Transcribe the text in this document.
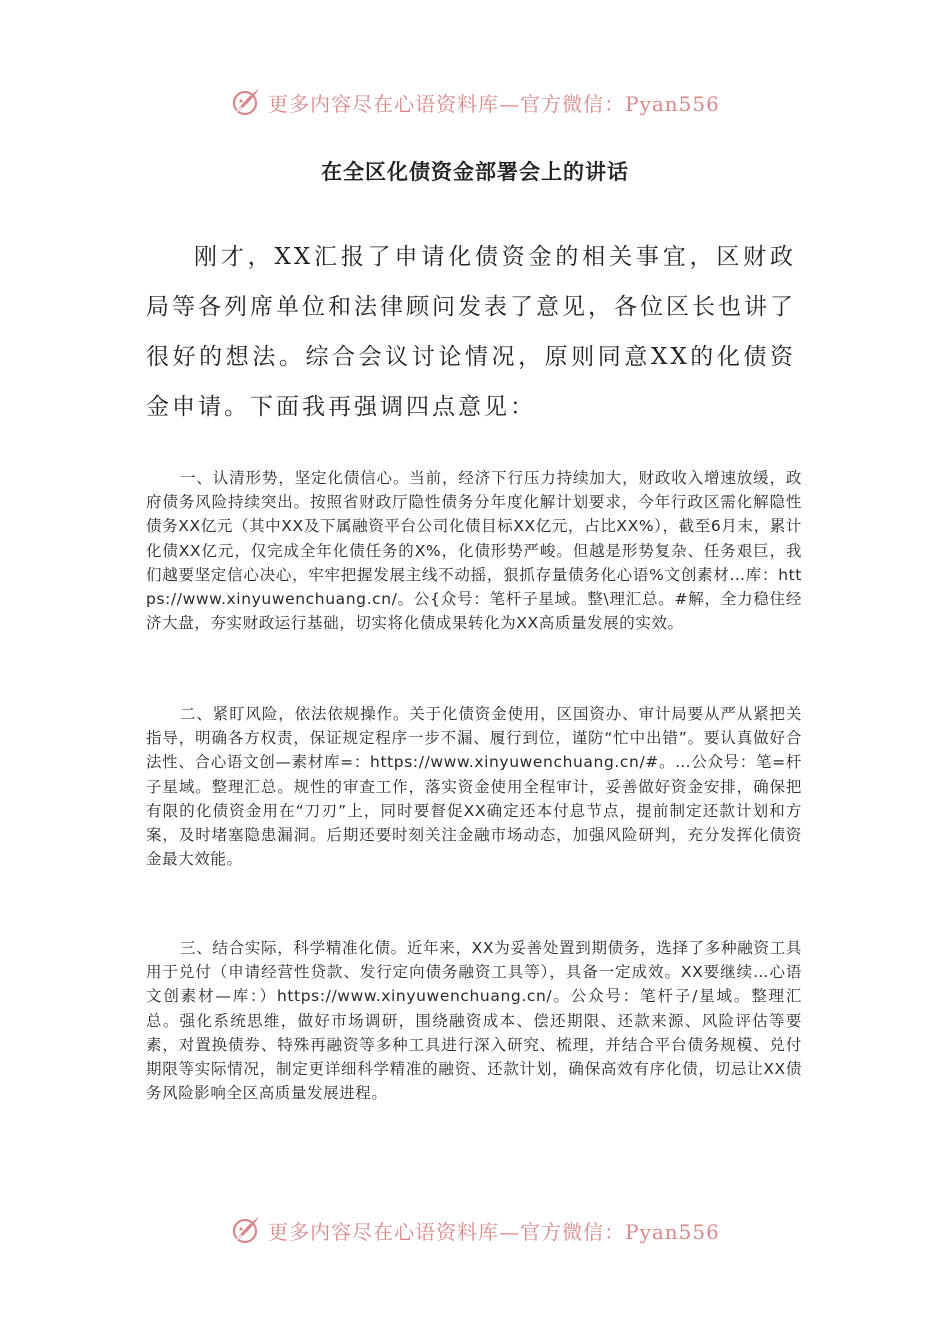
更多内容尽在心语资料库—官方微信：Pyan556
在全区化债资金部署会上的讲话

刚才，XX汇报了申请化债资金的相关事宜，区财政局等各列席单位和法律顾问发表了意见，各位区长也讲了很好的想法。综合会议讨论情况，原则同意XX的化债资金申请。下面我再强调四点意见：

一、认清形势，坚定化债信心。当前，经济下行压力持续加大，财政收入增速放缓，政府债务风险持续突出。按照省财政厅隐性债务分年度化解计划要求，今年行政区需化解隐性债务XX亿元（其中XX及下属融资平台公司化债目标XX亿元，占比XX%），截至6月末，累计化债XX亿元，仅完成全年化债任务的X%，化债形势严峻。但越是形势复杂、任务艰巨，我们越要坚定信心决心，牢牢把握发展主线不动摇，狠抓存量债务化心语%文创素材…库：https://www.xinyuwenchuang.cn/。公{众号：笔杆子星域。整\理汇总。#解，全力稳住经济大盘，夯实财政运行基础，切实将化债成果转化为XX高质量发展的实效。

二、紧盯风险，依法依规操作。关于化债资金使用，区国资办、审计局要从严从紧把关指导，明确各方权责，保证规定程序一步不漏、履行到位，谨防“忙中出错”。要认真做好合法性、合心语文创—素材库=：https://www.xinyuwenchuang.cn/#。…公众号：笔=杆子星域。整理汇总。规性的审查工作，落实资金使用全程审计，妥善做好资金安排，确保把有限的化债资金用在“刀刃”上，同时要督促XX确定还本付息节点，提前制定还款计划和方案，及时堵塞隐患漏洞。后期还要时刻关注金融市场动态，加强风险研判，充分发挥化债资金最大效能。

三、结合实际，科学精准化债。近年来，XX为妥善处置到期债务，选择了多种融资工具用于兑付（申请经营性贷款、发行定向债务融资工具等），具备一定成效。XX要继续…心语文创素材—库：）https://www.xinyuwenchuang.cn/。公众号：笔杆子/星域。整理汇总。强化系统思维，做好市场调研，围绕融资成本、偿还期限、还款来源、风险评估等要素，对置换债券、特殊再融资等多种工具进行深入研究、梳理，并结合平台债务规模、兑付期限等实际情况，制定更详细科学精准的融资、还款计划，确保高效有序化债，切忌让XX债务风险影响全区高质量发展进程。

更多内容尽在心语资料库—官方微信：Pyan556
